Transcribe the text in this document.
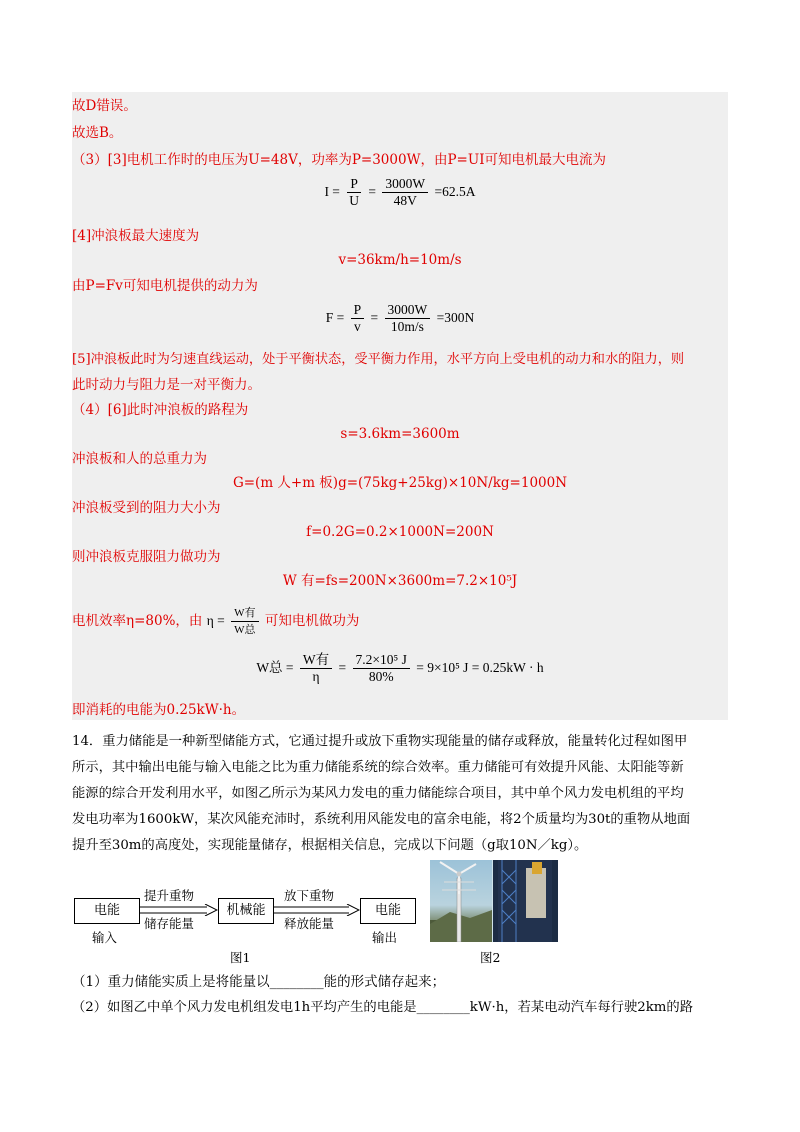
故D错误。
故选B。
（3）[3]电机工作时的电压为U=48V，功率为P=3000W，由P=UI可知电机最大电流为
$I = \frac{P}{U} = \frac{3000W}{48V} =62.5A$
[4]冲浪板最大速度为
v=36km/h=10m/s
由P=Fv可知电机提供的动力为
$F = \frac{P}{v} = \frac{3000W}{10m/s} =300N$
[5]冲浪板此时为匀速直线运动，处于平衡状态，受平衡力作用，水平方向上受电机的动力和水的阻力，则
此时动力与阻力是一对平衡力。
（4）[6]此时冲浪板的路程为
s=3.6km=3600m
冲浪板和人的总重力为
G=(m 人+m 板)g=(75kg+25kg)×10N/kg=1000N
冲浪板受到的阻力大小为
f=0.2G=0.2×1000N=200N
则冲浪板克服阻力做功为
W 有=fs=200N×3600m=7.2×10⁵J
电机效率η=80%，由 $\eta = \frac{\text{W有}}{\text{W总}}$ 可知电机做功为
W总 = $\frac{\text{W有}}{\eta} = \frac{\text{7.2×10⁵ J}}{80\%} = 9\times 10^5$ J = 0.25kW · h
即消耗的电能为0.25kW·h。
14．重力储能是一种新型储能方式，它通过提升或放下重物实现能量的储存或释放，能量转化过程如图甲
所示，其中输出电能与输入电能之比为重力储能系统的综合效率。重力储能可有效提升风能、太阳能等新
能源的综合开发利用水平，如图乙所示为某风力发电的重力储能综合项目，其中单个风力发电机组的平均
发电功率为1600kW，某次风能充沛时，系统利用风能发电的富余电能，将2个质量均为30t的重物从地面
提升至30m的高度处，实现能量储存，根据相关信息，完成以下问题（g取10N／kg）。
电能	机械能	电能
提升重物
储存能量
放下重物
释放能量
输入	输出
图1	图2
（1）重力储能实质上是将能量以________能的形式储存起来；
（2）如图乙中单个风力发电机组发电1h平均产生的电能是________kW·h，若某电动汽车每行驶2km的路
